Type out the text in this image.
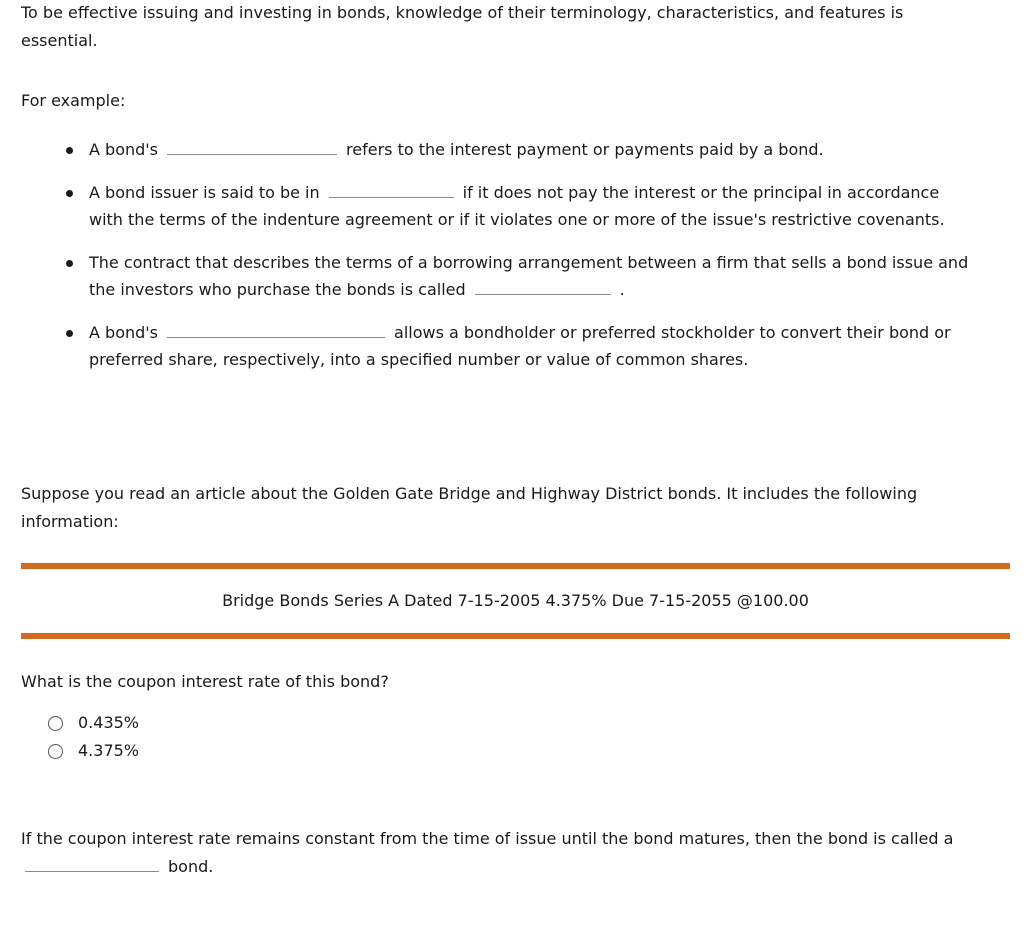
To be effective issuing and investing in bonds, knowledge of their terminology, characteristics, and features is essential.

For example:

A bond's	refers to the interest payment or payments paid by a bond.
A bond issuer is said to be in	if it does not pay the interest or the principal in accordance with the terms of the indenture agreement or if it violates one or more of the issue's restrictive covenants.
The contract that describes the terms of a borrowing arrangement between a firm that sells a bond issue and the investors who purchase the bonds is called	.
A bond's	allows a bondholder or preferred stockholder to convert their bond or preferred share, respectively, into a specified number or value of common shares.

Suppose you read an article about the Golden Gate Bridge and Highway District bonds. It includes the following information:

Bridge Bonds Series A Dated 7-15-2005 4.375% Due 7-15-2055 @100.00

What is the coupon interest rate of this bond?

0.435%
4.375%

If the coupon interest rate remains constant from the time of issue until the bond matures, then the bond is called a
bond.
